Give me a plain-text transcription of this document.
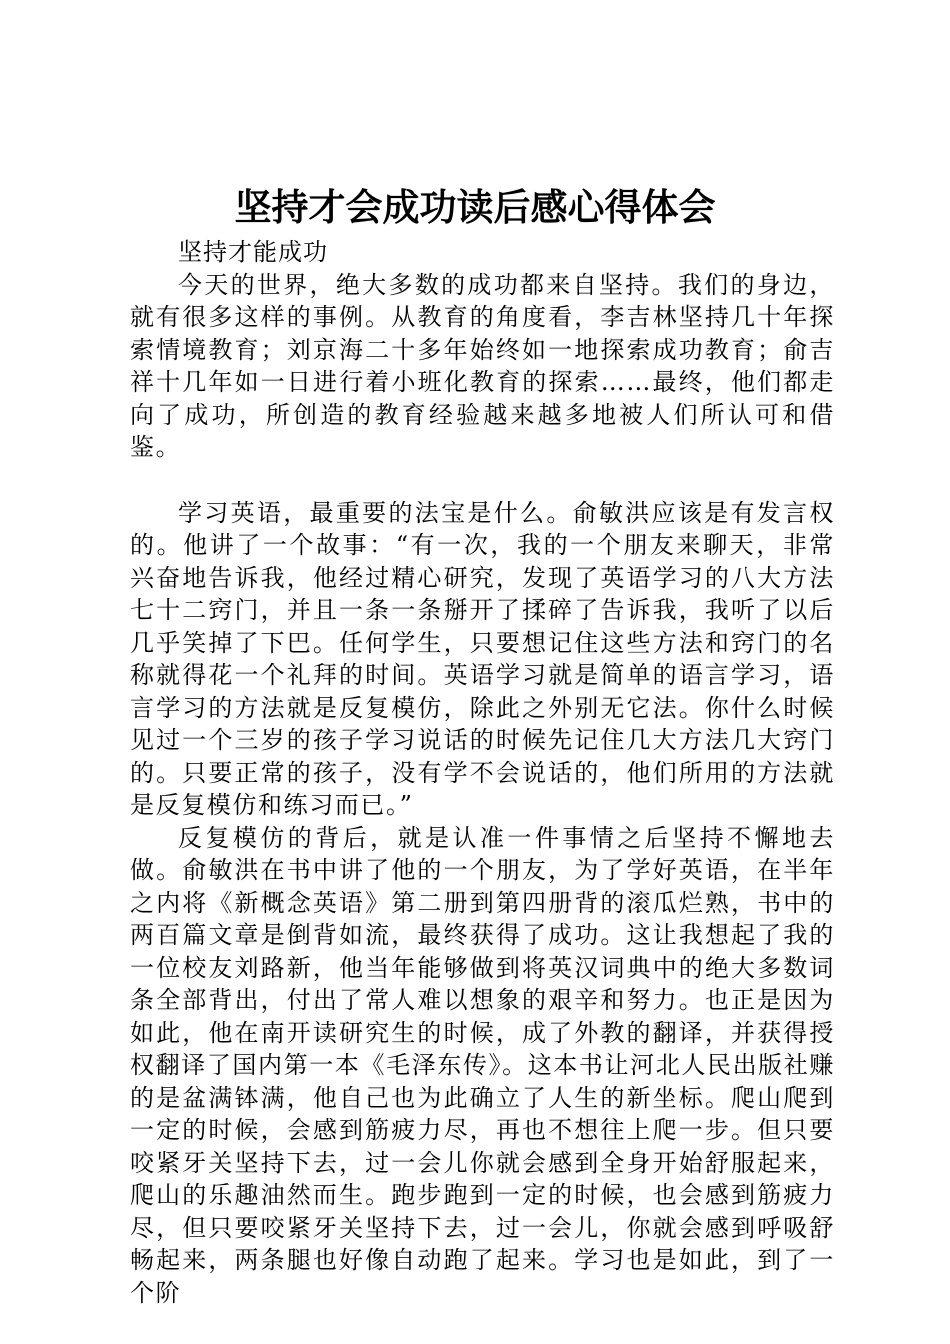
坚持才会成功读后感心得体会

坚持才能成功

今天的世界，绝大多数的成功都来自坚持。我们的身边，就有很多这样的事例。从教育的角度看，李吉林坚持几十年探索情境教育；刘京海二十多年始终如一地探索成功教育；俞吉祥十几年如一日进行着小班化教育的探索……最终，他们都走向了成功，所创造的教育经验越来越多地被人们所认可和借鉴。

学习英语，最重要的法宝是什么。俞敏洪应该是有发言权的。他讲了一个故事：“有一次，我的一个朋友来聊天，非常兴奋地告诉我，他经过精心研究，发现了英语学习的八大方法七十二窍门，并且一条一条掰开了揉碎了告诉我，我听了以后几乎笑掉了下巴。任何学生，只要想记住这些方法和窍门的名称就得花一个礼拜的时间。英语学习就是简单的语言学习，语言学习的方法就是反复模仿，除此之外别无它法。你什么时候见过一个三岁的孩子学习说话的时候先记住几大方法几大窍门的。只要正常的孩子，没有学不会说话的，他们所用的方法就是反复模仿和练习而已。”

反复模仿的背后，就是认准一件事情之后坚持不懈地去做。俞敏洪在书中讲了他的一个朋友，为了学好英语，在半年之内将《新概念英语》第二册到第四册背的滚瓜烂熟，书中的两百篇文章是倒背如流，最终获得了成功。这让我想起了我的一位校友刘路新，他当年能够做到将英汉词典中的绝大多数词条全部背出，付出了常人难以想象的艰辛和努力。也正是因为如此，他在南开读研究生的时候，成了外教的翻译，并获得授权翻译了国内第一本《毛泽东传》。这本书让河北人民出版社赚的是盆满钵满，他自己也为此确立了人生的新坐标。爬山爬到一定的时候，会感到筋疲力尽，再也不想往上爬一步。但只要咬紧牙关坚持下去，过一会儿你就会感到全身开始舒服起来，爬山的乐趣油然而生。跑步跑到一定的时候，也会感到筋疲力尽，但只要咬紧牙关坚持下去，过一会儿，你就会感到呼吸舒畅起来，两条腿也好像自动跑了起来。学习也是如此，到了一个阶
